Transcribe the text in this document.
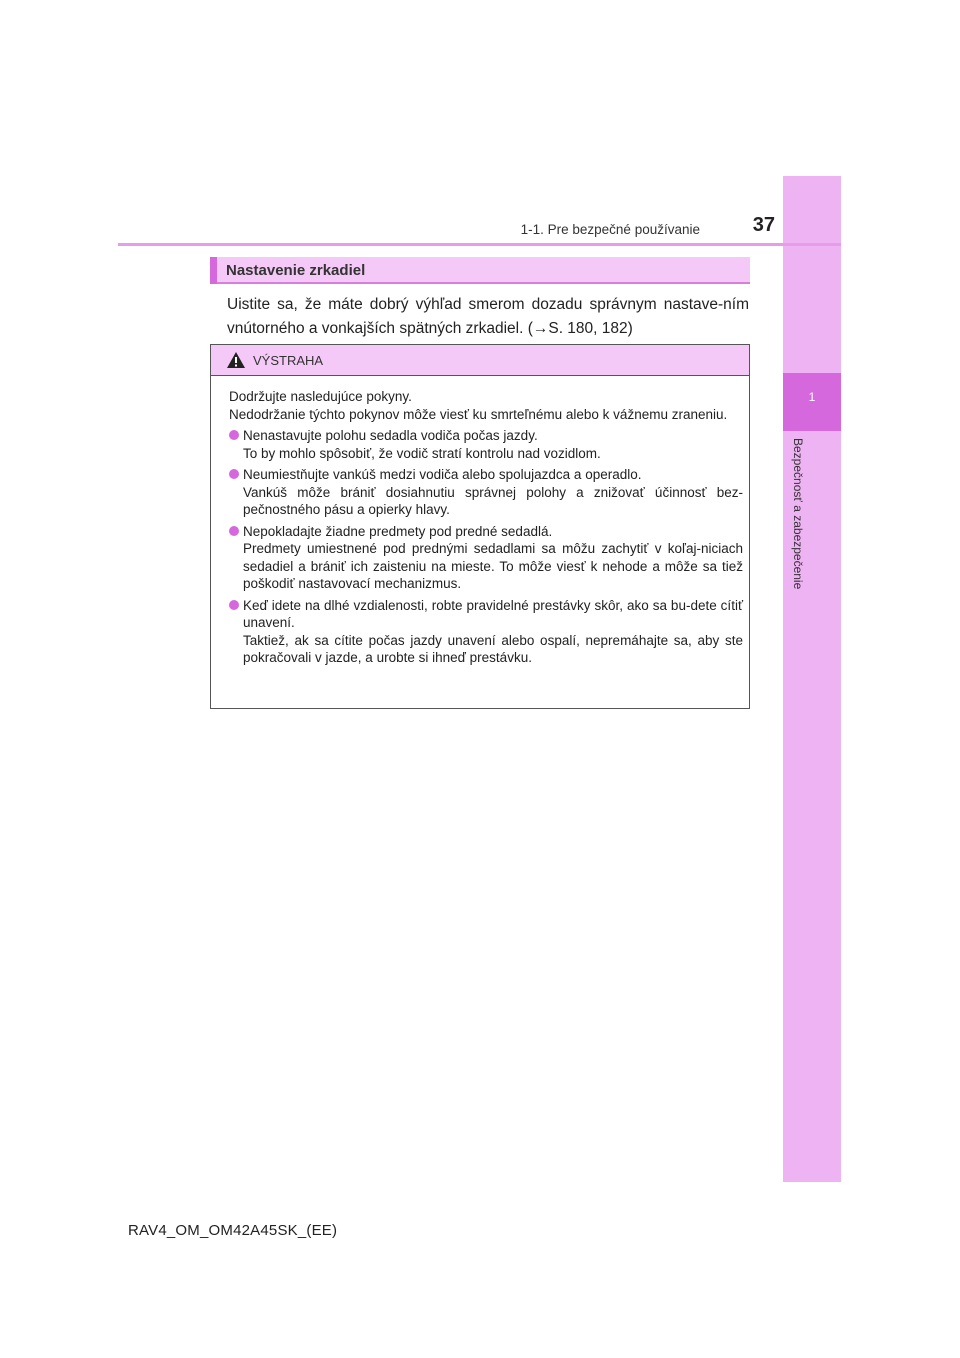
1
Bezpečnosť a zabezpečenie
1-1. Pre bezpečné používanie	37
Nastavenie zrkadiel
Uistite sa, že máte dobrý výhľad smerom dozadu správnym nastave-ním vnútorného a vonkajších spätných zrkadiel. (→S. 180, 182)
VÝSTRAHA

Dodržujte nasledujúce pokyny.

Nedodržanie týchto pokynov môže viesť ku smrteľnému alebo k vážnemu zraneniu.

Nenastavujte polohu sedadla vodiča počas jazdy.
To by mohlo spôsobiť, že vodič stratí kontrolu nad vozidlom.
Neumiestňujte vankúš medzi vodiča alebo spolujazdca a operadlo.
Vankúš môže brániť dosiahnutiu správnej polohy a znižovať účinnosť bez-pečnostného pásu a opierky hlavy.
Nepokladajte žiadne predmety pod predné sedadlá.
Predmety umiestnené pod prednými sedadlami sa môžu zachytiť v koľaj-niciach sedadiel a brániť ich zaisteniu na mieste. To môže viesť k nehode a môže sa tiež poškodiť nastavovací mechanizmus.
Keď idete na dlhé vzdialenosti, robte pravidelné prestávky skôr, ako sa bu-dete cítiť unavení.
Taktiež, ak sa cítite počas jazdy unavení alebo ospalí, nepremáhajte sa, aby ste pokračovali v jazde, a urobte si ihneď prestávku.
RAV4_OM_OM42A45SK_(EE)
